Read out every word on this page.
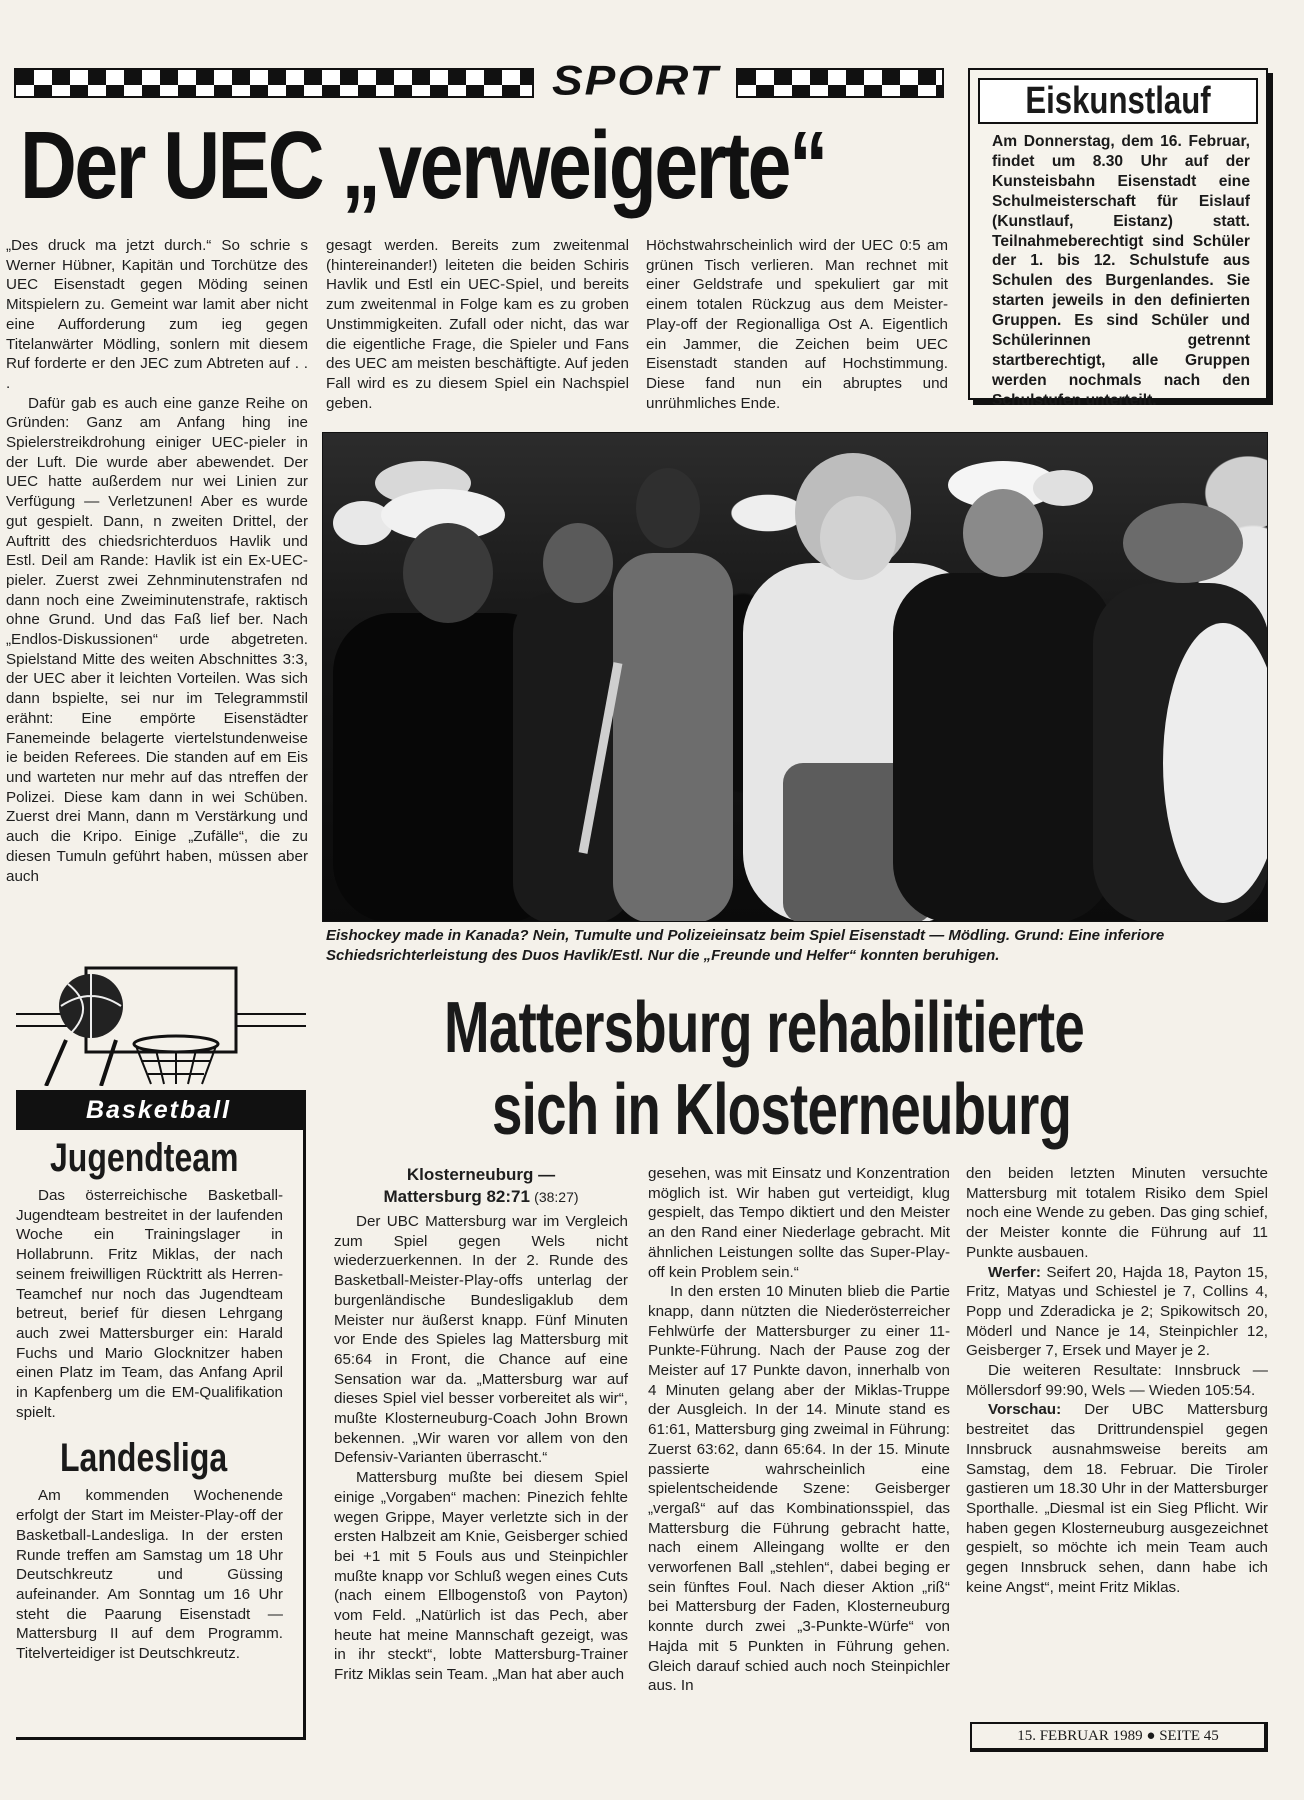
SPORT
Der UEC „verweigerte“

„Des druck ma jetzt durch.“ So schrie ‌s Werner Hübner, Kapitän und Tor‌chütze des UEC Eisenstadt gegen Möd‌ing seinen Mitspielern zu. Gemeint war ‌lamit aber nicht eine Aufforderung zum ‌ieg gegen Titelanwärter Mödling, son‌lern mit diesem Ruf forderte er den ‌JEC zum Abtreten auf . . .

Dafür gab es auch eine ganze Reihe ‌on Gründen: Ganz am Anfang hing ‌ine Spielerstreikdrohung einiger UEC-‌pieler in der Luft. Die wurde aber ab‌ewendet. Der UEC hatte außerdem nur ‌wei Linien zur Verfügung — Verletzun‌en! Aber es wurde gut gespielt. Dann, ‌n zweiten Drittel, der Auftritt des ‌chiedsrichterduos Havlik und Estl. De‌il am Rande: Havlik ist ein Ex-UEC-‌pieler. Zuerst zwei Zehnminutenstrafen ‌nd dann noch eine Zweiminutenstrafe, ‌raktisch ohne Grund. Und das Faß lief ‌ber. Nach „Endlos-Diskussionen“ ‌urde abgetreten. Spielstand Mitte des ‌weiten Abschnittes 3:3, der UEC aber ‌it leichten Vorteilen. Was sich dann ‌bspielte, sei nur im Telegrammstil er‌ähnt: Eine empörte Eisenstädter Fan‌emeinde belagerte viertelstundenweise ‌ie beiden Referees. Die standen auf ‌em Eis und warteten nur mehr auf das ‌ntreffen der Polizei. Diese kam dann in ‌wei Schüben. Zuerst drei Mann, dann ‌m Verstärkung und auch die Kripo. ‌Einige „Zufälle“, die zu diesen Tumul‌n geführt haben, müssen aber auch

gesagt werden. Bereits zum zweitenmal (hintereinander!) leiteten die beiden Schiris Havlik und Estl ein UEC-Spiel, und bereits zum zweitenmal in Folge kam es zu groben Unstimmigkeiten. Zufall oder nicht, das war die eigentliche Frage, die Spieler und Fans des UEC am meisten beschäftigte. Auf jeden Fall wird es zu diesem Spiel ein Nachspiel geben.

Höchstwahrscheinlich wird der UEC 0:5 am grünen Tisch verlieren. Man rechnet mit einer Geldstrafe und spekuliert gar mit einem totalen Rückzug aus dem Meister-Play-off der Regionalliga Ost A. Eigentlich ein Jammer, die Zeichen beim UEC Eisenstadt standen auf Hochstimmung. Diese fand nun ein abruptes und unrühmliches Ende.

Eiskunstlauf
Am Donnerstag, dem 16. Februar, findet um 8.30 Uhr auf der Kunsteisbahn Eisenstadt eine Schulmeisterschaft für Eislauf (Kunstlauf, Eistanz) statt. Teilnahmeberechtigt sind Schüler der 1. bis 12. Schulstufe aus Schulen des Burgenlandes. Sie starten jeweils in den definierten Gruppen. Es sind Schüler und Schülerinnen getrennt startberechtigt, alle Gruppen werden nochmals nach den Schulstufen unterteilt.
Eishockey made in Kanada? Nein, Tumulte und Polizeieinsatz beim Spiel Eisenstadt — Mödling. Grund: Eine inferiore Schiedsrichterleistung des Duos Havlik/Estl. Nur die „Freunde und Helfer“ konnten beruhigen.
Basketball
Jugendteam

Das österreichische Basketball-Jugendteam bestreitet in der laufenden Woche ein Trainingslager in Hollabrunn. Fritz Miklas, der nach seinem freiwilligen Rücktritt als Herren-Teamchef nur noch das Jugendteam betreut, berief für diesen Lehrgang auch zwei Mattersburger ein: Harald Fuchs und Mario Glocknitzer haben einen Platz im Team, das Anfang April in Kapfenberg um die EM-Qualifikation spielt.

Landesliga

Am kommenden Wochenende erfolgt der Start im Meister-Play-off der Basketball-Landesliga. In der ersten Runde treffen am Samstag um 18 Uhr Deutschkreutz und Güssing aufeinander. Am Sonntag um 16 Uhr steht die Paarung Eisenstadt — Mattersburg II auf dem Programm. Titelverteidiger ist Deutschkreutz.

Mattersburg rehabilitierte
sich in Klosterneuburg
Klosterneuburg —
Mattersburg 82:71 (38:27)

Der UBC Mattersburg war im Vergleich zum Spiel gegen Wels nicht wiederzuerkennen. In der 2. Runde des Basketball-Meister-Play-offs unterlag der burgenländische Bundesligaklub dem Meister nur äußerst knapp. Fünf Minuten vor Ende des Spieles lag Mattersburg mit 65:64 in Front, die Chance auf eine Sensation war da. „Mattersburg war auf dieses Spiel viel besser vorbereitet als wir“, mußte Klosterneuburg-Coach John Brown bekennen. „Wir waren vor allem von den Defensiv-Varianten überrascht.“

Mattersburg mußte bei diesem Spiel einige „Vorgaben“ machen: Pinezich fehlte wegen Grippe, Mayer verletzte sich in der ersten Halbzeit am Knie, Geisberger schied bei +1 mit 5 Fouls aus und Steinpichler mußte knapp vor Schluß wegen eines Cuts (nach einem Ellbogenstoß von Payton) vom Feld. „Natürlich ist das Pech, aber heute hat meine Mannschaft gezeigt, was in ihr steckt“, lobte Mattersburg-Trainer Fritz Miklas sein Team. „Man hat aber auch

gesehen, was mit Einsatz und Konzentration möglich ist. Wir haben gut verteidigt, klug gespielt, das Tempo diktiert und den Meister an den Rand einer Niederlage gebracht. Mit ähnlichen Leistungen sollte das Super-Play-off kein Problem sein.“

In den ersten 10 Minuten blieb die Partie knapp, dann nützten die Niederösterreicher Fehlwürfe der Mattersburger zu einer 11-Punkte-Führung. Nach der Pause zog der Meister auf 17 Punkte davon, innerhalb von 4 Minuten gelang aber der Miklas-Truppe der Ausgleich. In der 14. Minute stand es 61:61, Mattersburg ging zweimal in Führung: Zuerst 63:62, dann 65:64. In der 15. Minute passierte wahrscheinlich eine spielentscheidende Szene: Geisberger „vergaß“ auf das Kombinationsspiel, das Mattersburg die Führung gebracht hatte, nach einem Alleingang wollte er den verworfenen Ball „stehlen“, dabei beging er sein fünftes Foul. Nach dieser Aktion „riß“ bei Mattersburg der Faden, Klosterneuburg konnte durch zwei „3-Punkte-Würfe“ von Hajda mit 5 Punkten in Führung gehen. Gleich darauf schied auch noch Steinpichler aus. In

den beiden letzten Minuten versuchte Mattersburg mit totalem Risiko dem Spiel noch eine Wende zu geben. Das ging schief, der Meister konnte die Führung auf 11 Punkte ausbauen.

Werfer: Seifert 20, Hajda 18, Payton 15, Fritz, Matyas und Schiestel je 7, Collins 4, Popp und Zderadicka je 2; Spikowitsch 20, Möderl und Nance je 14, Steinpichler 12, Geisberger 7, Ersek und Mayer je 2.

Die weiteren Resultate: Innsbruck — Möllersdorf 99:90, Wels — Wieden 105:54.

Vorschau: Der UBC Mattersburg bestreitet das Drittrundenspiel gegen Innsbruck ausnahmsweise bereits am Samstag, dem 18. Februar. Die Tiroler gastieren um 18.30 Uhr in der Mattersburger Sporthalle. „Diesmal ist ein Sieg Pflicht. Wir haben gegen Klosterneuburg ausgezeichnet gespielt, so möchte ich mein Team auch gegen Innsbruck sehen, dann habe ich keine Angst“, meint Fritz Miklas.

15. FEBRUAR 1989 ● SEITE 45
